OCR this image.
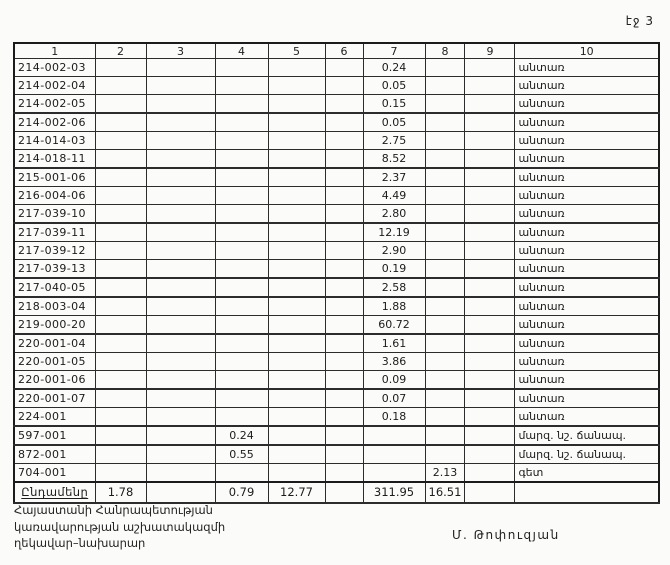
էջ 3
1	2	3	4	5	6	7	8	9	10
214-002-03						0.24			անտառ
214-002-04						0.05			անտառ
214-002-05						0.15			անտառ
214-002-06						0.05			անտառ
214-014-03						2.75			անտառ
214-018-11						8.52			անտառ
215-001-06						2.37			անտառ
216-004-06						4.49			անտառ
217-039-10						2.80			անտառ
217-039-11						12.19			անտառ
217-039-12						2.90			անտառ
217-039-13						0.19			անտառ
217-040-05						2.58			անտառ
218-003-04						1.88			անտառ
219-000-20						60.72			անտառ
220-001-04						1.61			անտառ
220-001-05						3.86			անտառ
220-001-06						0.09			անտառ
220-001-07						0.07			անտառ
224-001						0.18			անտառ
597-001			0.24						մարզ. նշ. ճանապ.
872-001			0.55						մարզ. նշ. ճանապ.
704-001							2.13		գետ
Ընդամենը	1.78		0.79	12.77		311.95	16.51		
Հայաստանի Հանրապետության
կառավարության աշխատակազմի
ղեկավար–նախարար
Մ. Թոփուզյան
